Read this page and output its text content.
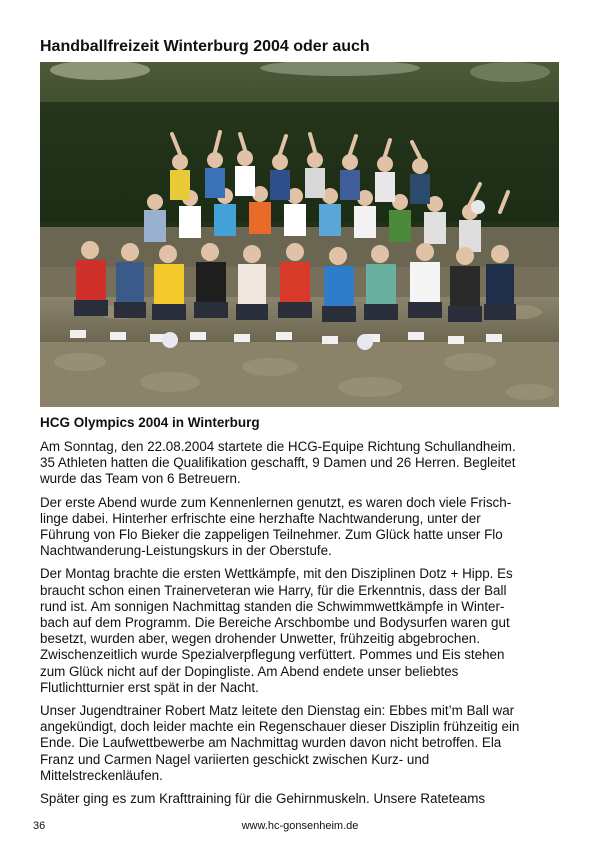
Handballfreizeit Winterburg 2004 oder auch
HCG Olympics 2004 in Winterburg

Am Sonntag, den 22.08.2004 startete die HCG-Equipe Richtung Schullandheim.
35 Athleten hatten die Qualifikation geschafft, 9 Damen und 26 Herren. Begleitet
wurde das Team von 6 Betreuern.

Der erste Abend wurde zum Kennenlernen genutzt, es waren doch viele Frisch-
linge dabei. Hinterher erfrischte eine herzhafte Nachtwanderung, unter der
Führung von Flo Bieker die zappeligen Teilnehmer. Zum Glück hatte unser Flo
Nachtwanderung-Leistungskurs in der Oberstufe.

Der Montag brachte die ersten Wettkämpfe, mit den Disziplinen Dotz + Hipp. Es
braucht schon einen Trainerveteran wie Harry, für die Erkenntnis, dass der Ball
rund ist. Am sonnigen Nachmittag standen die Schwimmwettkämpfe in Winter-
bach auf dem Programm. Die Bereiche Arschbombe und Bodysurfen waren gut
besetzt, wurden aber, wegen drohender Unwetter, frühzeitig abgebrochen.
Zwischenzeitlich wurde Spezialverpflegung verfüttert. Pommes und Eis stehen
zum Glück nicht auf der Dopingliste. Am Abend endete unser beliebtes
Flutlichtturnier erst spät in der Nacht.

Unser Jugendtrainer Robert Matz leitete den Dienstag ein: Ebbes mit’m Ball war
angekündigt, doch leider machte ein Regenschauer dieser Disziplin frühzeitig ein
Ende. Die Laufwettbewerbe am Nachmittag wurden davon nicht betroffen. Ela
Franz und Carmen Nagel variierten geschickt zwischen Kurz- und
Mittelstreckenläufen.

Später ging es zum Krafttraining für die Gehirnmuskeln. Unsere Rateteams

36	www.hc-gonsenheim.de
